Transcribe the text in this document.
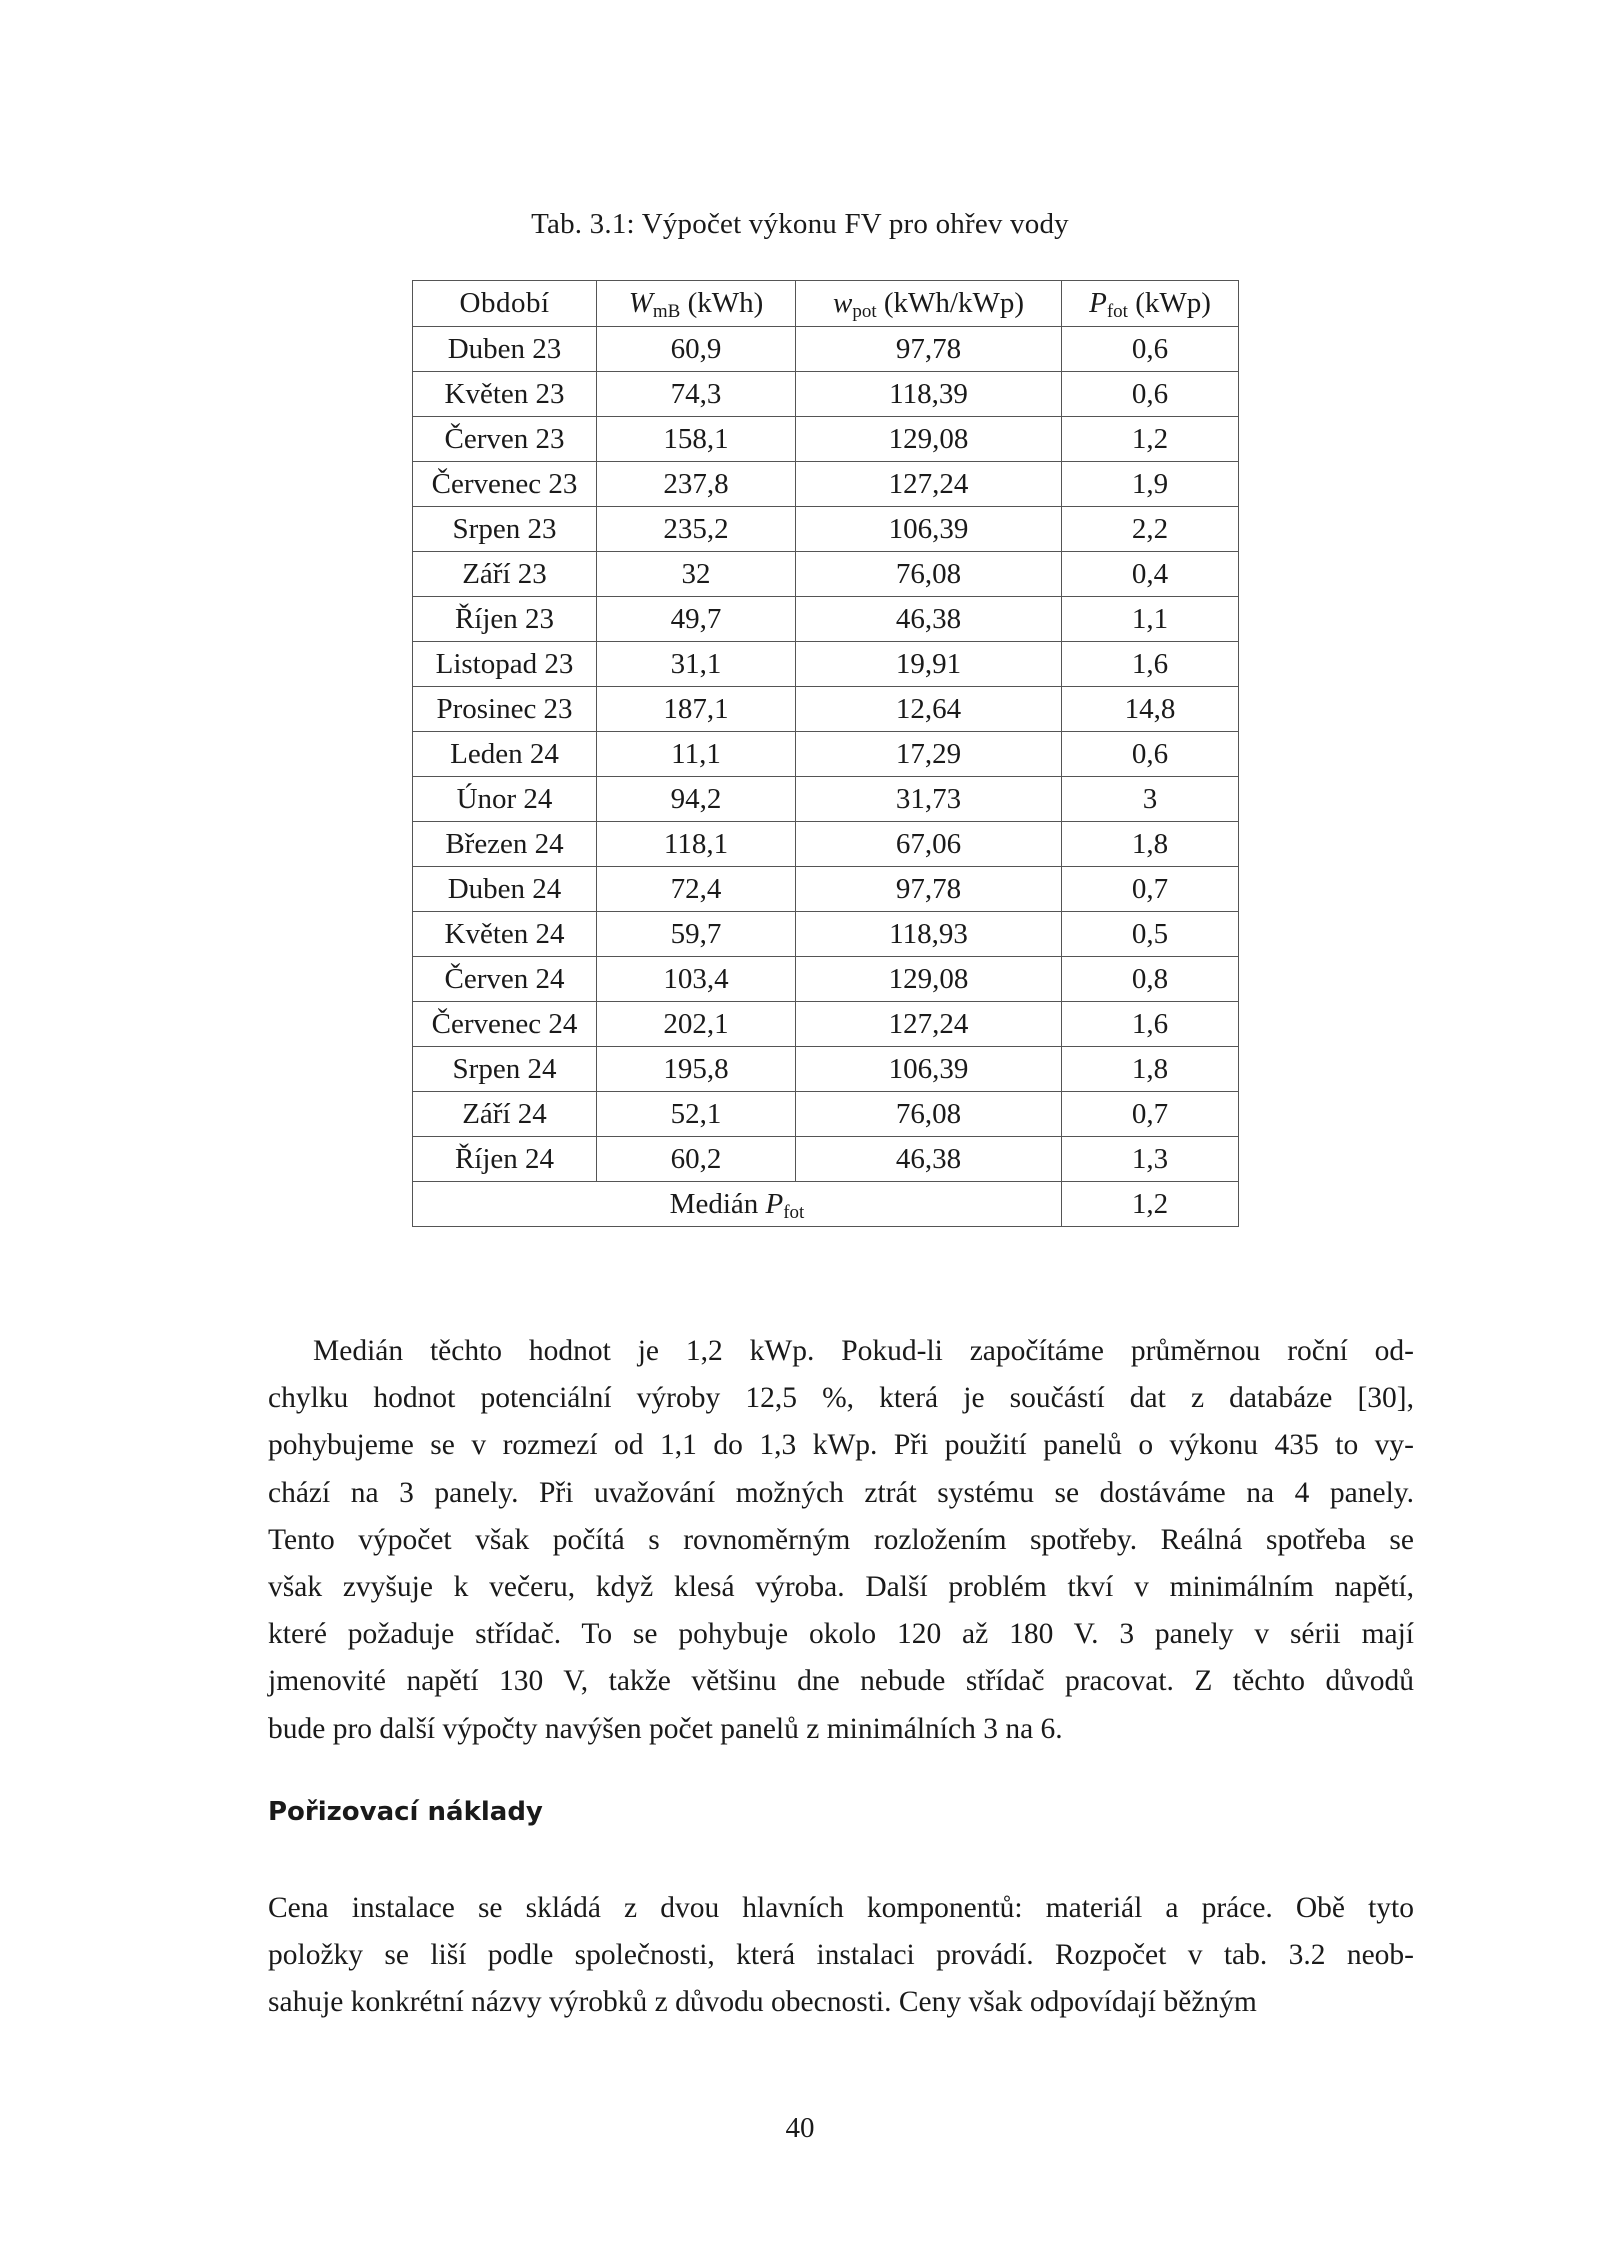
Tab. 3.1: Výpočet výkonu FV pro ohřev vody
Období	$W_{mB}$ (kWh)	$w_{pot}$ (kWh/kWp)	$P_{fot}$ (kWp)
Duben 23	60,9	97,78	0,6
Květen 23	74,3	118,39	0,6
Červen 23	158,1	129,08	1,2
Červenec 23	237,8	127,24	1,9
Srpen 23	235,2	106,39	2,2
Září 23	32	76,08	0,4
Říjen 23	49,7	46,38	1,1
Listopad 23	31,1	19,91	1,6
Prosinec 23	187,1	12,64	14,8
Leden 24	11,1	17,29	0,6
Únor 24	94,2	31,73	3
Březen 24	118,1	67,06	1,8
Duben 24	72,4	97,78	0,7
Květen 24	59,7	118,93	0,5
Červen 24	103,4	129,08	0,8
Červenec 24	202,1	127,24	1,6
Srpen 24	195,8	106,39	1,8
Září 24	52,1	76,08	0,7
Říjen 24	60,2	46,38	1,3
Medián $P_{fot}$			1,2
Medián těchto hodnot je 1,2 kWp. Pokud-li započítáme průměrnou roční od-
chylku hodnot potenciální výroby 12,5 %, která je součástí dat z databáze [30],
pohybujeme se v rozmezí od 1,1 do 1,3 kWp. Při použití panelů o výkonu 435 to vy-
chází na 3 panely. Při uvažování možných ztrát systému se dostáváme na 4 panely.
Tento výpočet však počítá s rovnoměrným rozložením spotřeby. Reálná spotřeba se
však zvyšuje k večeru, když klesá výroba. Další problém tkví v minimálním napětí,
které požaduje střídač. To se pohybuje okolo 120 až 180 V. 3 panely v sérii mají
jmenovité napětí 130 V, takže většinu dne nebude střídač pracovat. Z těchto důvodů
bude pro další výpočty navýšen počet panelů z minimálních 3 na 6.
Pořizovací náklady
Cena instalace se skládá z dvou hlavních komponentů: materiál a práce. Obě tyto
položky se liší podle společnosti, která instalaci provádí. Rozpočet v tab. 3.2 neob-
sahuje konkrétní názvy výrobků z důvodu obecnosti. Ceny však odpovídají běžným
40
